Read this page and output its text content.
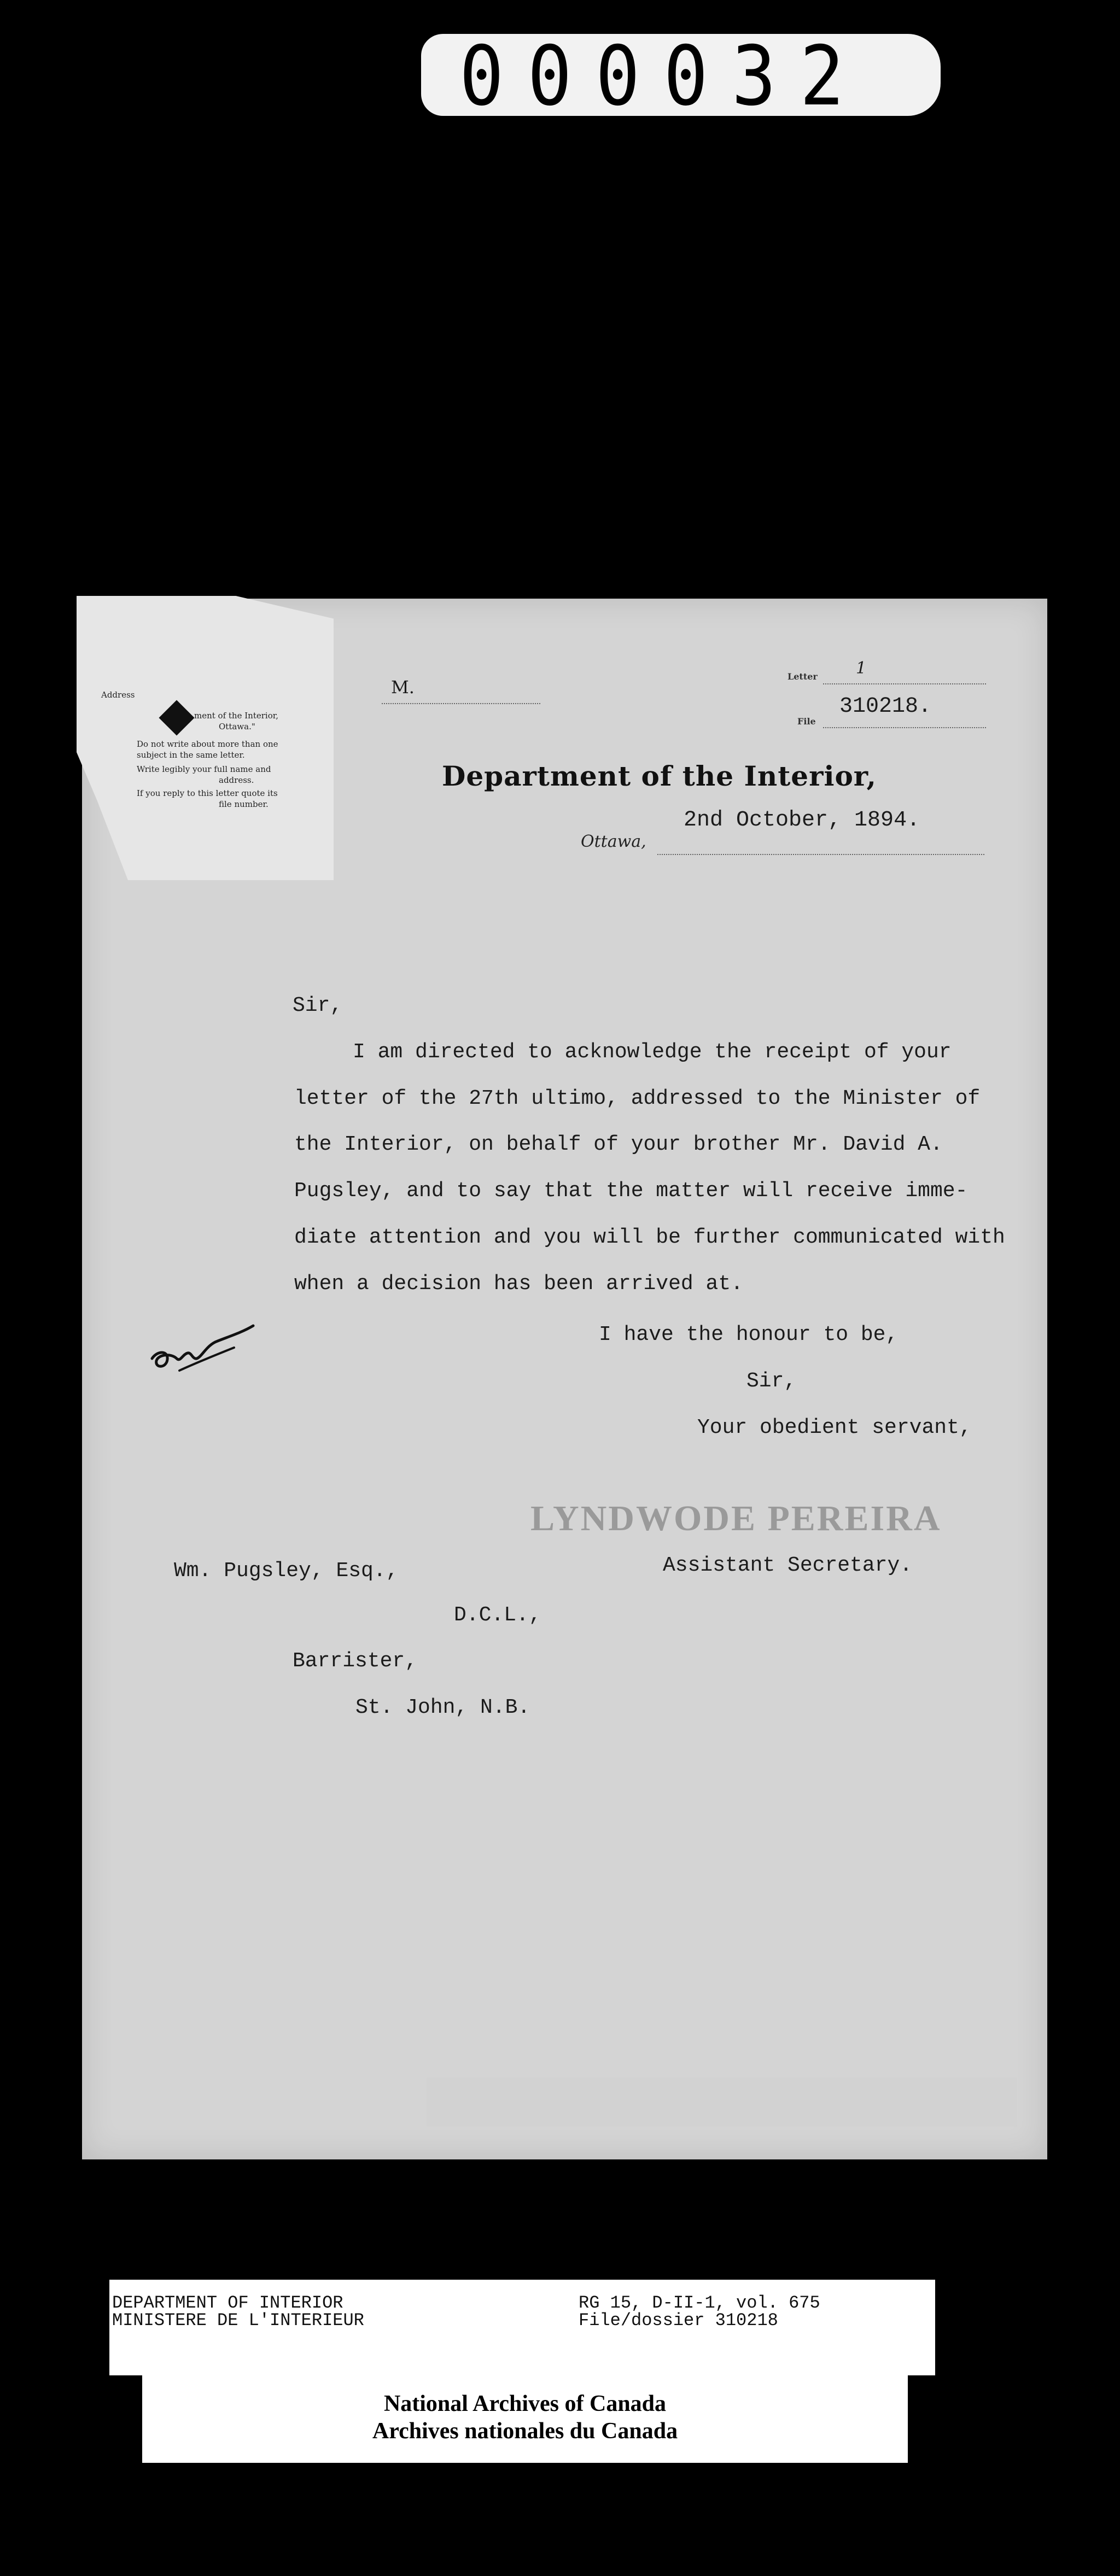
000032
Address
ment of the Interior,
Ottawa."
Do not write about more than one
subject in the same letter.
Write legibly your full name and
address.
If you reply to this letter quote its
file number.
M.
Letter 1
File
310218.
Department of the Interior,
2nd October, 1894.
Ottawa,
Sir,
I am directed to acknowledge the receipt of your
letter of the 27th ultimo, addressed to the Minister of
the Interior, on behalf of your brother Mr. David A.
Pugsley, and to say that the matter will receive imme-
diate attention and you will be further communicated with
when a decision has been arrived at.
I have the honour to be,
Sir,
Your obedient servant,
LYNDWODE PEREIRA
Assistant Secretary.
Wm. Pugsley, Esq.,
D.C.L.,
Barrister,
St. John, N.B.
DEPARTMENT OF INTERIOR
MINISTERE DE L'INTERIEUR
RG 15, D-II-1, vol. 675
File/dossier 310218
National Archives of Canada
Archives nationales du Canada
